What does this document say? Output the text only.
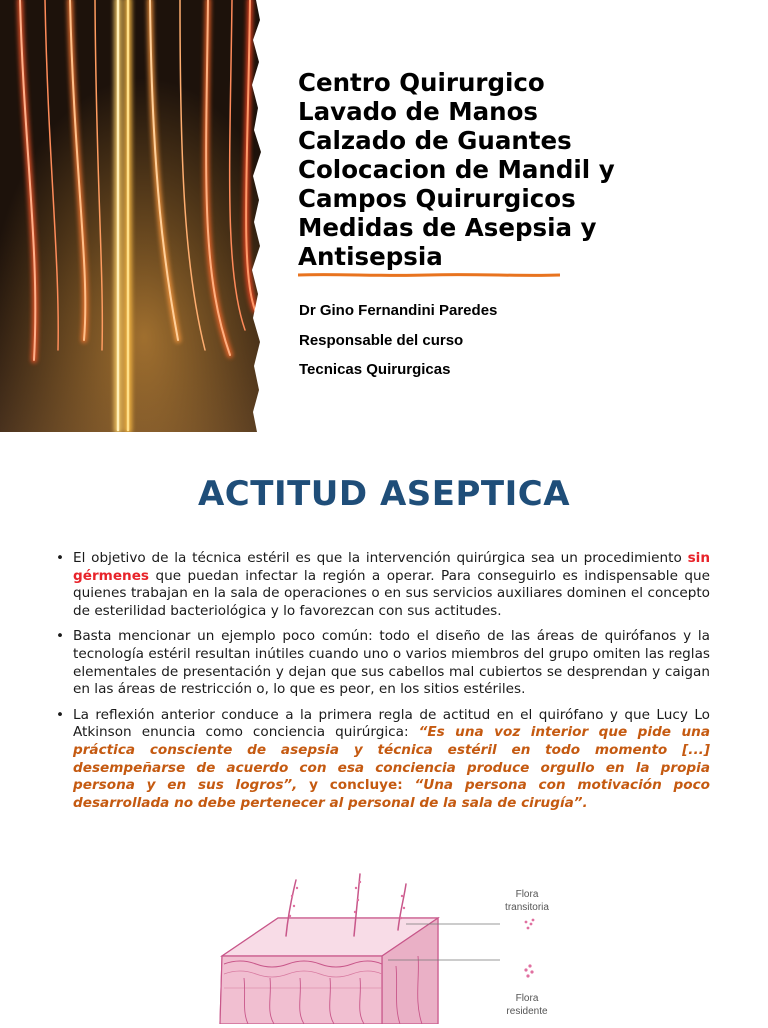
Centro Quirurgico
Lavado de Manos
Calzado de Guantes
Colocacion de Mandil y
Campos Quirurgicos
Medidas de Asepsia y
Antisepsia
Dr Gino Fernandini Paredes
Responsable del curso
Tecnicas Quirurgicas
ACTITUD ASEPTICA
• El objetivo de la técnica estéril es que la intervención quirúrgica sea un procedimiento sin gérmenes que puedan infectar la región a operar. Para conseguirlo es indispensable que quienes trabajan en la sala de operaciones o en sus servicios auxiliares dominen el concepto de esterilidad bacteriológica y lo favorezcan con sus actitudes.
• Basta mencionar un ejemplo poco común: todo el diseño de las áreas de quirófanos y la tecnología estéril resultan inútiles cuando uno o varios miembros del grupo omiten las reglas elementales de presentación y dejan que sus cabellos mal cubiertos se desprendan y caigan en las áreas de restricción o, lo que es peor, en los sitios estériles.
• La reflexión anterior conduce a la primera regla de actitud en el quirófano y que Lucy Lo Atkinson enuncia como conciencia quirúrgica: “Es una voz interior que pide una práctica consciente de asepsia y técnica estéril en todo momento [...] desempeñarse de acuerdo con esa conciencia produce orgullo en la propia persona y en sus logros”, y concluye: “Una persona con motivación poco desarrollada no debe pertenecer al personal de la sala de cirugía”.
Flora
transitoria
Flora
residente
